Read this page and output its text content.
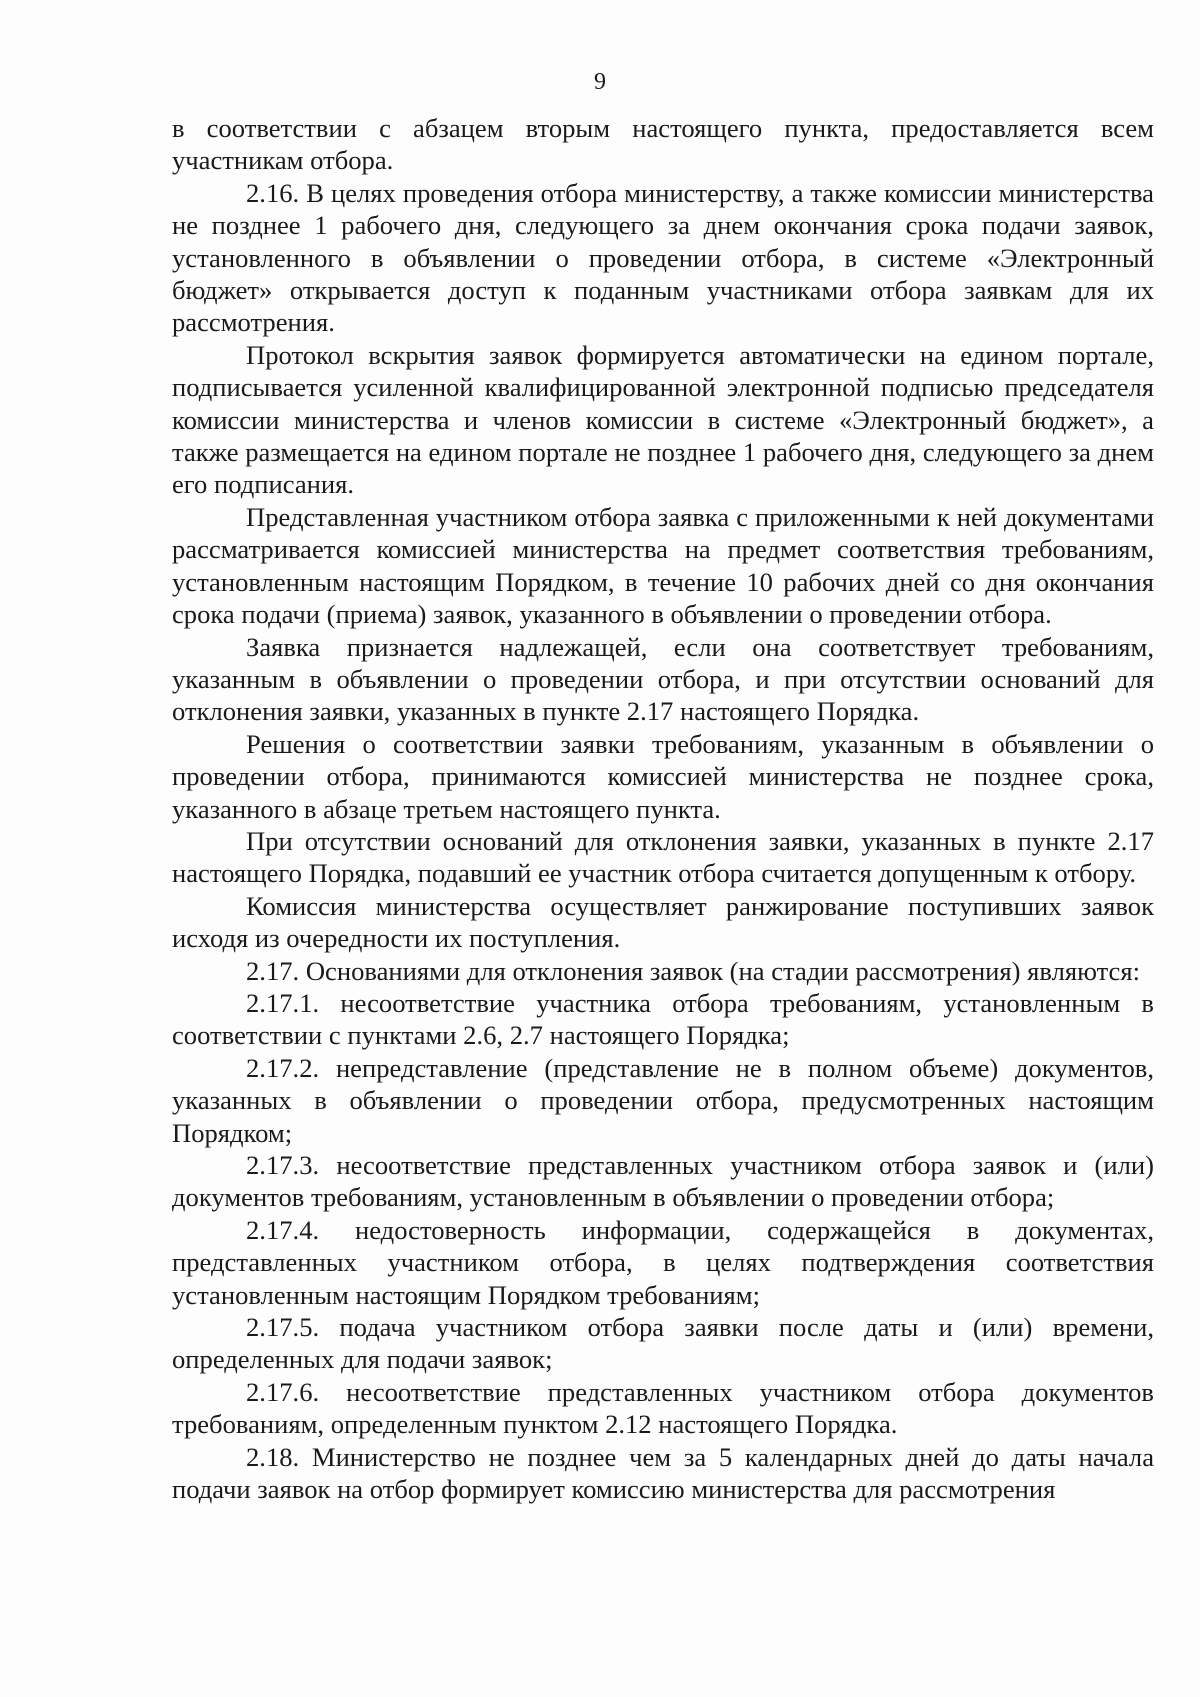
9

в соответствии с абзацем вторым настоящего пункта, предоставляется всем участникам отбора.

2.16. В целях проведения отбора министерству, а также комиссии министерства не позднее 1 рабочего дня, следующего за днем окончания срока подачи заявок, установленного в объявлении о проведении отбора, в системе «Электронный бюджет» открывается доступ к поданным участниками отбора заявкам для их рассмотрения.

Протокол вскрытия заявок формируется автоматически на едином портале, подписывается усиленной квалифицированной электронной подписью председателя комиссии министерства и членов комиссии в системе «Электронный бюджет», а также размещается на едином портале не позднее 1 рабочего дня, следующего за днем его подписания.

Представленная участником отбора заявка с приложенными к ней документами рассматривается комиссией министерства на предмет соответствия требованиям, установленным настоящим Порядком, в течение 10 рабочих дней со дня окончания срока подачи (приема) заявок, указанного в объявлении о проведении отбора.

Заявка признается надлежащей, если она соответствует требованиям, указанным в объявлении о проведении отбора, и при отсутствии оснований для отклонения заявки, указанных в пункте 2.17 настоящего Порядка.

Решения о соответствии заявки требованиям, указанным в объявлении о проведении отбора, принимаются комиссией министерства не позднее срока, указанного в абзаце третьем настоящего пункта.

При отсутствии оснований для отклонения заявки, указанных в пункте 2.17 настоящего Порядка, подавший ее участник отбора считается допущенным к отбору.

Комиссия министерства осуществляет ранжирование поступивших заявок исходя из очередности их поступления.

2.17. Основаниями для отклонения заявок (на стадии рассмотрения) являются:

2.17.1. несоответствие участника отбора требованиям, установленным в соответствии с пунктами 2.6, 2.7 настоящего Порядка;

2.17.2. непредставление (представление не в полном объеме) документов, указанных в объявлении о проведении отбора, предусмотренных настоящим Порядком;

2.17.3. несоответствие представленных участником отбора заявок и (или) документов требованиям, установленным в объявлении о проведении отбора;

2.17.4. недостоверность информации, содержащейся в документах, представленных участником отбора, в целях подтверждения соответствия установленным настоящим Порядком требованиям;

2.17.5. подача участником отбора заявки после даты и (или) времени, определенных для подачи заявок;

2.17.6. несоответствие представленных участником отбора документов требованиям, определенным пунктом 2.12 настоящего Порядка.

2.18. Министерство не позднее чем за 5 календарных дней до даты начала подачи заявок на отбор формирует комиссию министерства для рассмотрения
